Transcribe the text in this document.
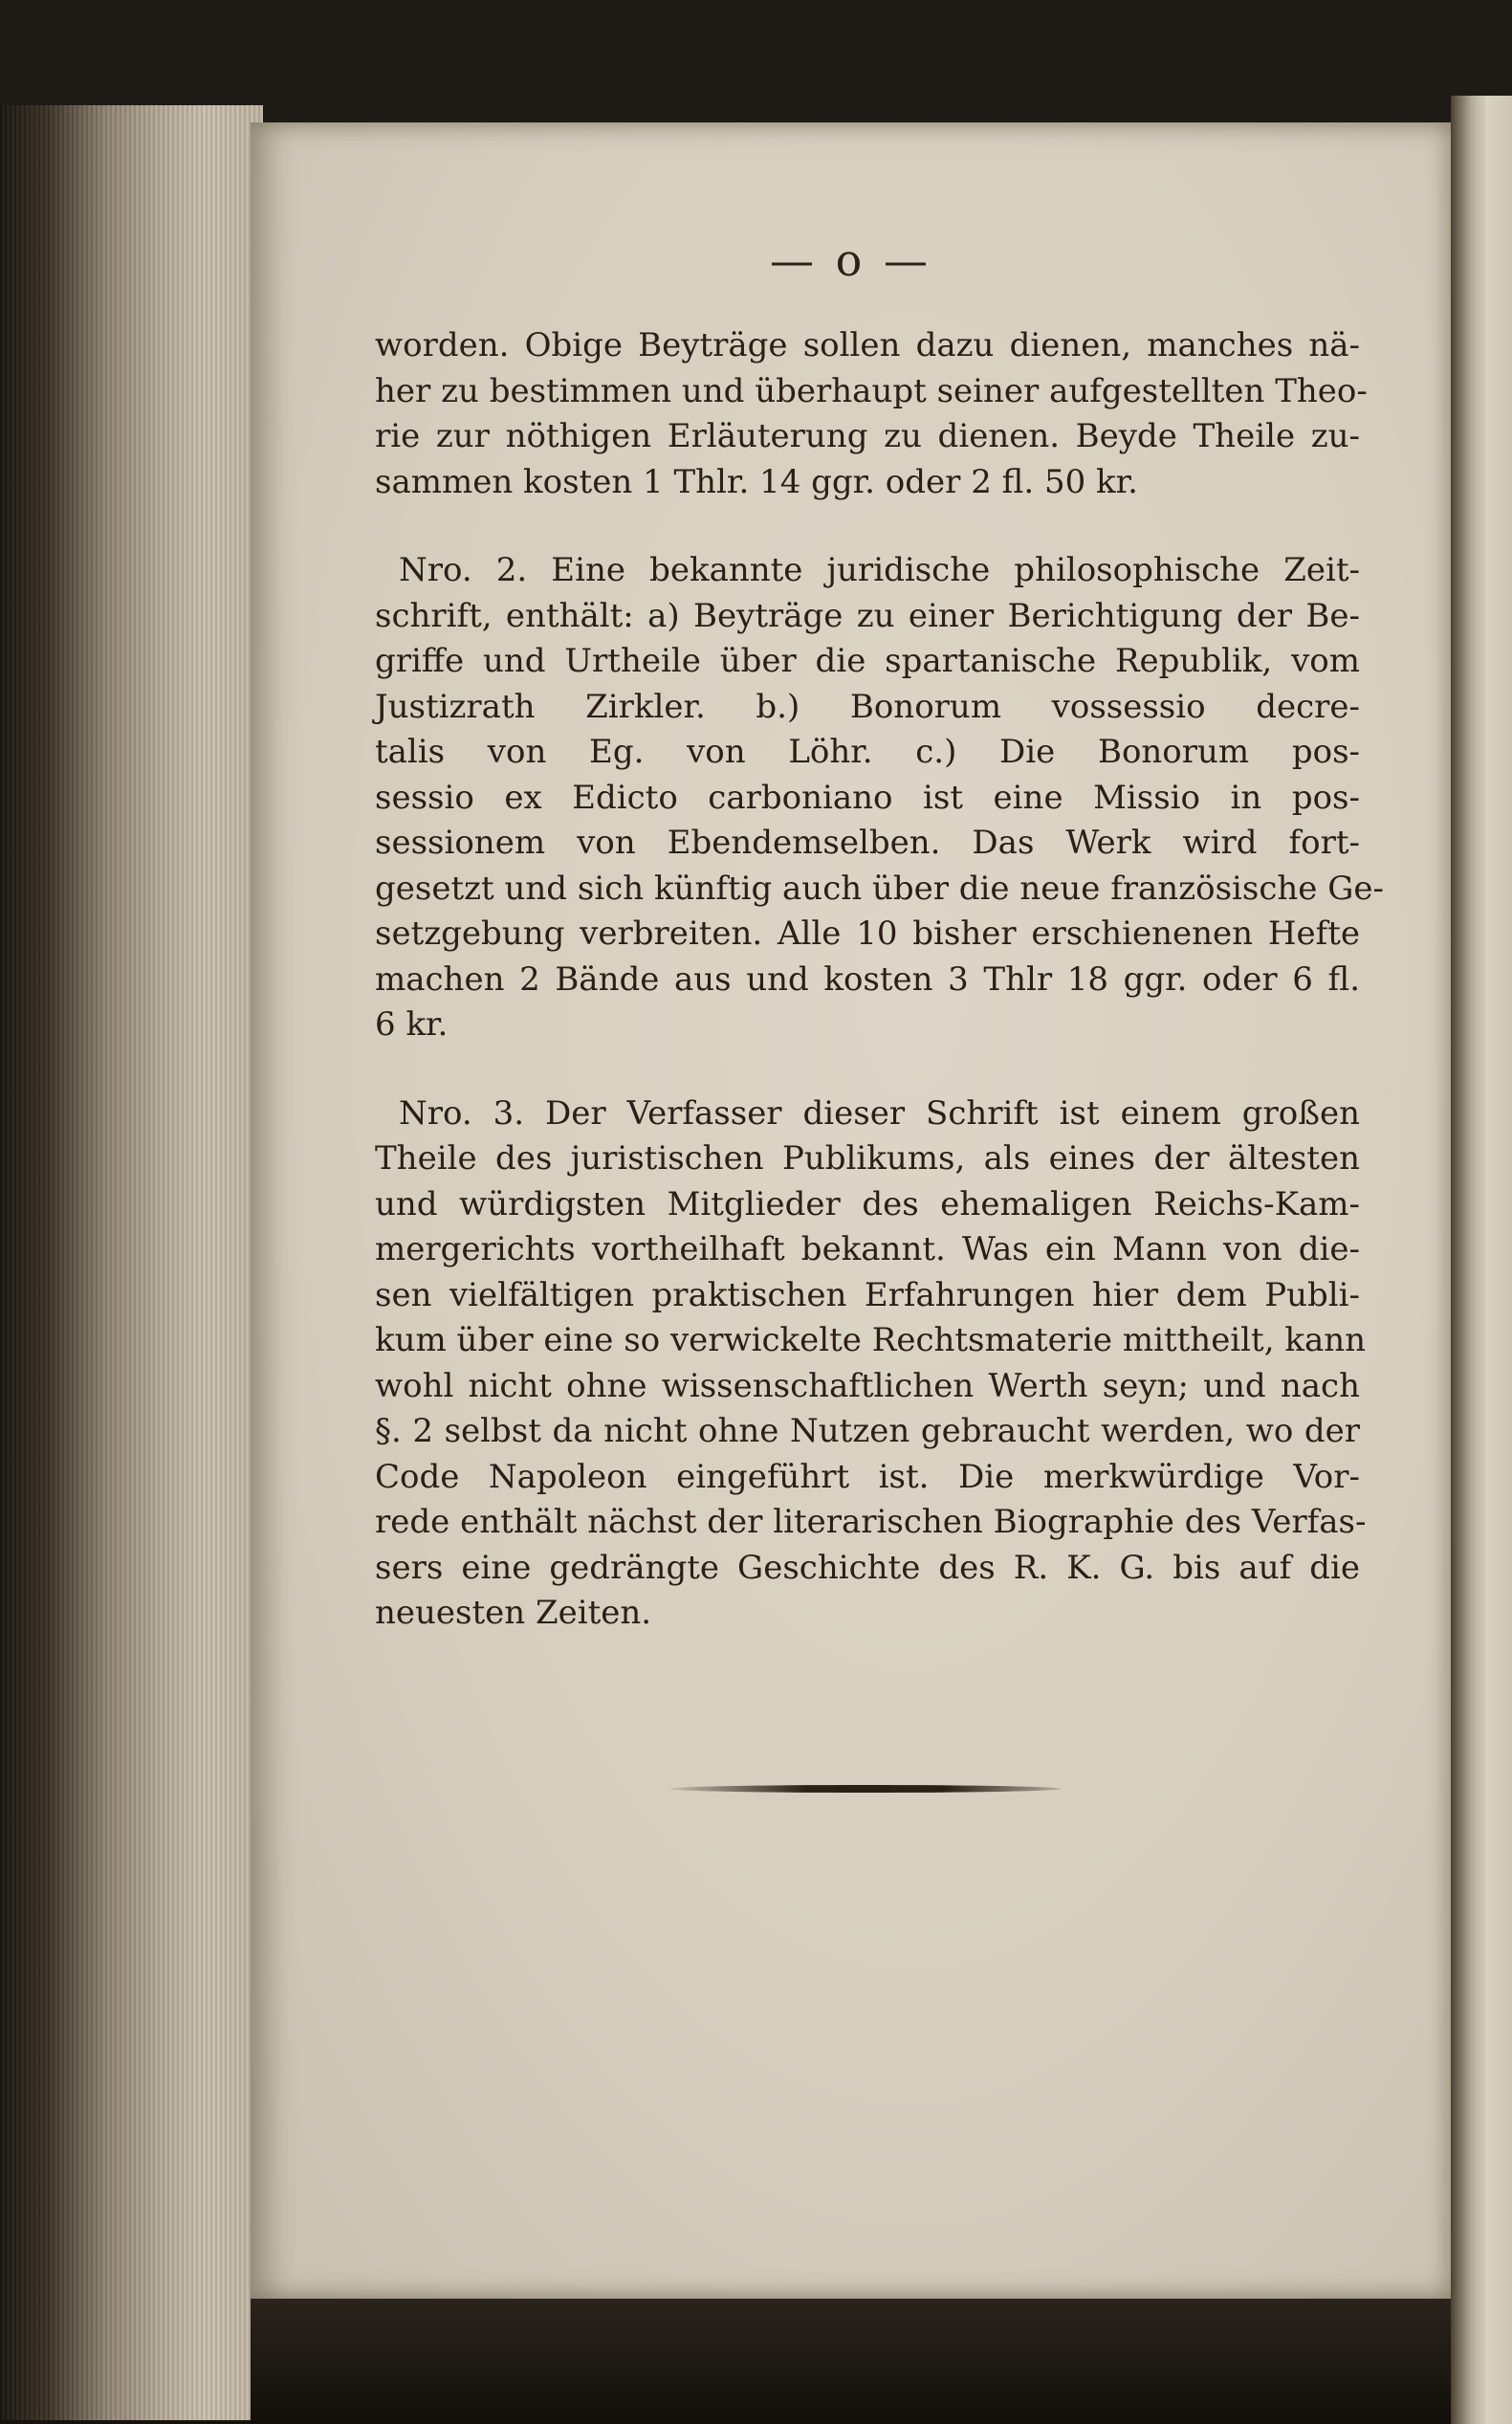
— o —
worden. Obige Beyträge sollen dazu dienen, manches nä-
her zu bestimmen und überhaupt seiner aufgestellten Theo-
rie zur nöthigen Erläuterung zu dienen. Beyde Theile zu-
sammen kosten 1 Thlr. 14 ggr. oder 2 fl. 50 kr.
Nro. 2. Eine bekannte juridische philosophische Zeit-
schrift, enthält: a) Beyträge zu einer Berichtigung der Be-
griffe und Urtheile über die spartanische Republik, vom
Justizrath Zirkler. b.) Bonorum vossessio decre-
talis von Eg. von Löhr. c.) Die Bonorum pos-
sessio ex Edicto carboniano ist eine Missio in pos-
sessionem von Ebendemselben. Das Werk wird fort-
gesetzt und sich künftig auch über die neue französische Ge-
setzgebung verbreiten. Alle 10 bisher erschienenen Hefte
machen 2 Bände aus und kosten 3 Thlr 18 ggr. oder 6 fl.
6 kr.
Nro. 3. Der Verfasser dieser Schrift ist einem großen
Theile des juristischen Publikums, als eines der ältesten
und würdigsten Mitglieder des ehemaligen Reichs-Kam-
mergerichts vortheilhaft bekannt. Was ein Mann von die-
sen vielfältigen praktischen Erfahrungen hier dem Publi-
kum über eine so verwickelte Rechtsmaterie mittheilt, kann
wohl nicht ohne wissenschaftlichen Werth seyn; und nach
§. 2 selbst da nicht ohne Nutzen gebraucht werden, wo der
Code Napoleon eingeführt ist. Die merkwürdige Vor-
rede enthält nächst der literarischen Biographie des Verfas-
sers eine gedrängte Geschichte des R. K. G. bis auf die
neuesten Zeiten.
